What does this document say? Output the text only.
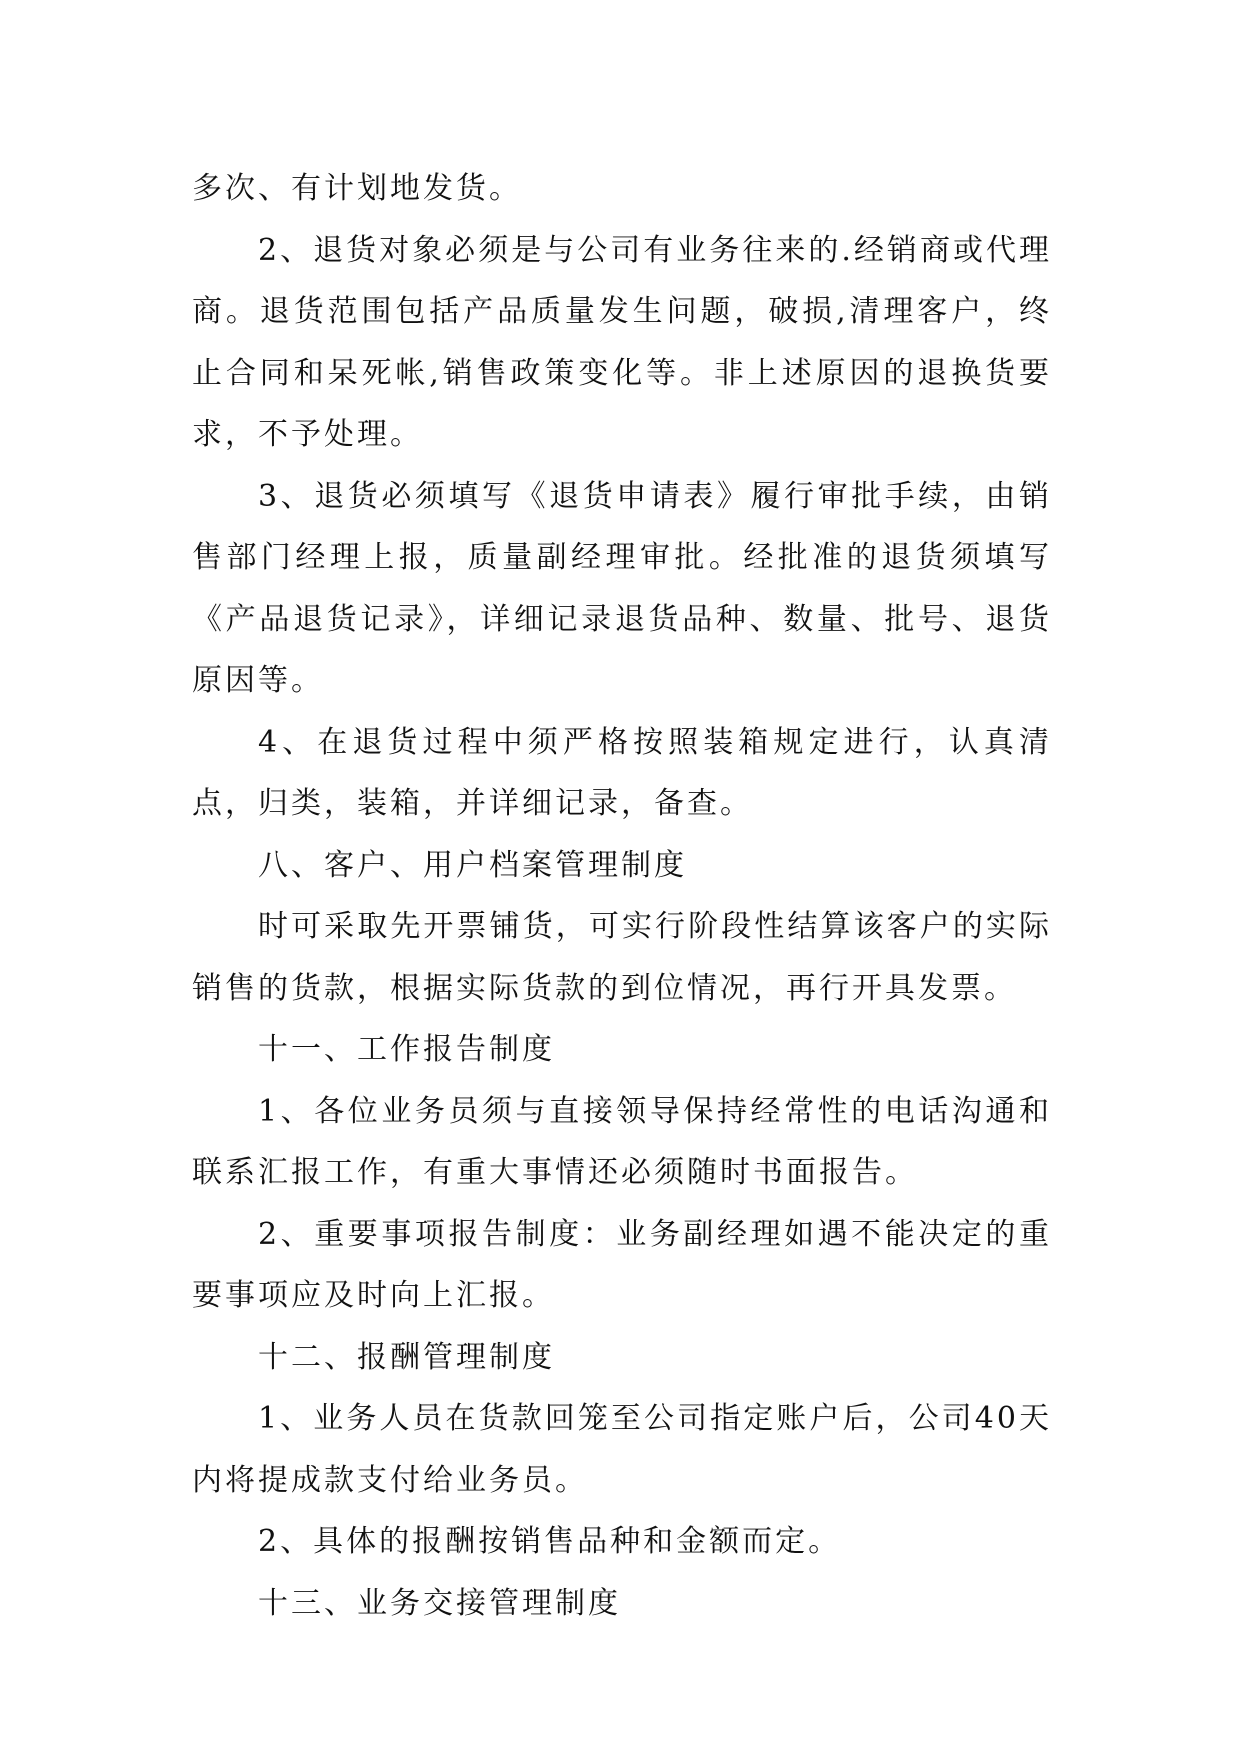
多次、有计划地发货。

2、退货对象必须是与公司有业务往来的.经销商或代理商。退货范围包括产品质量发生问题，破损,清理客户，终止合同和呆死帐,销售政策变化等。非上述原因的退换货要求，不予处理。

3、退货必须填写《退货申请表》履行审批手续，由销售部门经理上报，质量副经理审批。经批准的退货须填写《产品退货记录》，详细记录退货品种、数量、批号、退货原因等。

4、在退货过程中须严格按照装箱规定进行，认真清点，归类，装箱，并详细记录，备查。

八、客户、用户档案管理制度

时可采取先开票铺货，可实行阶段性结算该客户的实际销售的货款，根据实际货款的到位情况，再行开具发票。

十一、工作报告制度

1、各位业务员须与直接领导保持经常性的电话沟通和联系汇报工作，有重大事情还必须随时书面报告。

2、重要事项报告制度：业务副经理如遇不能决定的重要事项应及时向上汇报。

十二、报酬管理制度

1、业务人员在货款回笼至公司指定账户后，公司40天内将提成款支付给业务员。

2、具体的报酬按销售品种和金额而定。

十三、业务交接管理制度
